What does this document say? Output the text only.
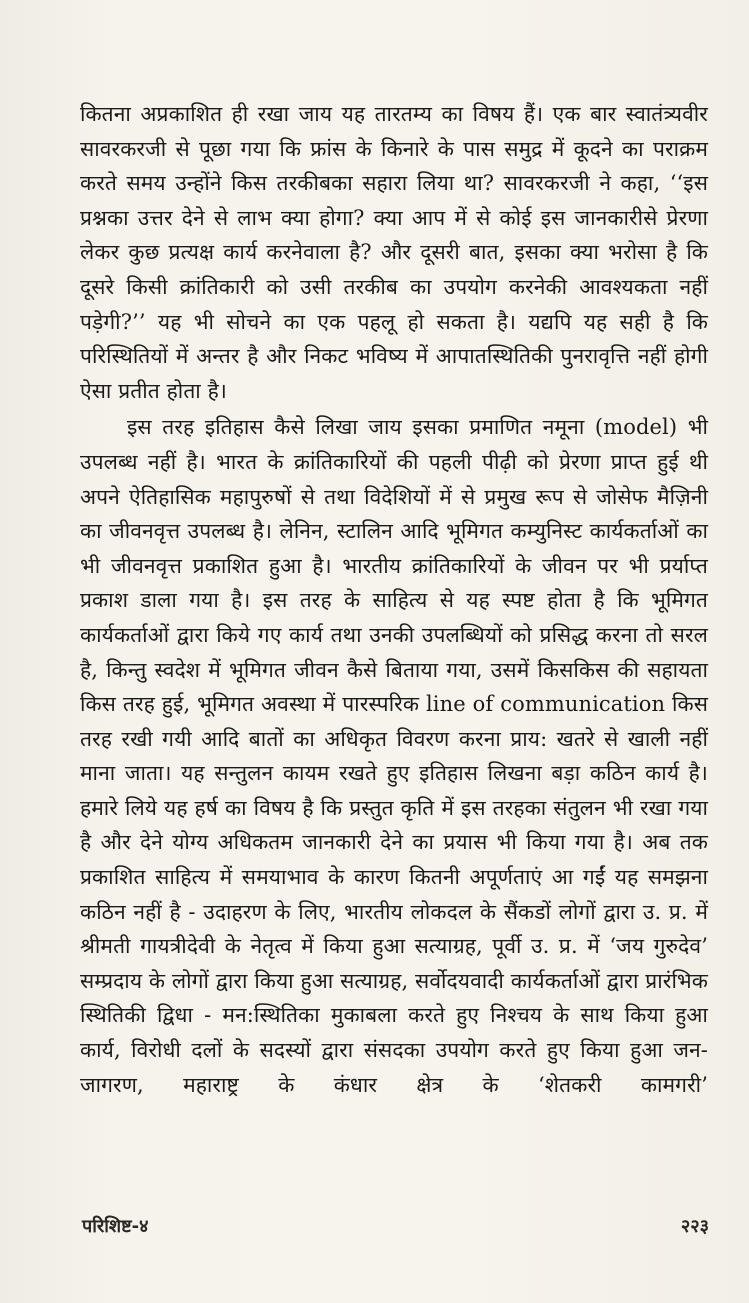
कितना अप्रकाशित ही रखा जाय यह तारतम्य का विषय हैं। एक बार स्वातंत्र्यवीर सावरकरजी से पूछा गया कि फ्रांस के किनारे के पास समुद्र में कूदने का पराक्रम करते समय उन्होंने किस तरकीबका सहारा लिया था? सावरकरजी ने कहा, ‘‘इस प्रश्नका उत्तर देने से लाभ क्या होगा? क्या आप में से कोई इस जानकारीसे प्रेरणा लेकर कुछ प्रत्यक्ष कार्य करनेवाला है? और दूसरी बात, इसका क्या भरोसा है कि दूसरे किसी क्रांतिकारी को उसी तरकीब का उपयोग करनेकी आवश्यकता नहीं पड़ेगी?’’ यह भी सोचने का एक पहलू हो सकता है। यद्यपि यह सही है कि परिस्थितियों में अन्तर है और निकट भविष्य में आपातस्थितिकी पुनरावृत्ति नहीं होगी ऐसा प्रतीत होता है।

इस तरह इतिहास कैसे लिखा जाय इसका प्रमाणित नमूना (model) भी उपलब्ध नहीं है। भारत के क्रांतिकारियों की पहली पीढ़ी को प्रेरणा प्राप्त हुई थी अपने ऐतिहासिक महापुरुषों से तथा विदेशियों में से प्रमुख रूप से जोसेफ मैज़िनी का जीवनवृत्त उपलब्ध है। लेनिन, स्टालिन आदि भूमिगत कम्युनिस्ट कार्यकर्ताओं का भी जीवनवृत्त प्रकाशित हुआ है। भारतीय क्रांतिकारियों के जीवन पर भी प्रर्याप्त प्रकाश डाला गया है। इस तरह के साहित्य से यह स्पष्ट होता है कि भूमिगत कार्यकर्ताओं द्वारा किये गए कार्य तथा उनकी उपलब्धियों को प्रसिद्ध करना तो सरल है, किन्तु स्वदेश में भूमिगत जीवन कैसे बिताया गया, उसमें किसकिस की सहायता किस तरह हुई, भूमिगत अवस्था में पारस्परिक line of communication किस तरह रखी गयी आदि बातों का अधिकृत विवरण करना प्राय: खतरे से खाली नहीं माना जाता। यह सन्तुलन कायम रखते हुए इतिहास लिखना बड़ा कठिन कार्य है। हमारे लिये यह हर्ष का विषय है कि प्रस्तुत कृति में इस तरहका संतुलन भी रखा गया है और देने योग्य अधिकतम जानकारी देने का प्रयास भी किया गया है। अब तक प्रकाशित साहित्य में समयाभाव के कारण कितनी अपूर्णताएं आ गईं यह समझना कठिन नहीं है - उदाहरण के लिए, भारतीय लोकदल के सैंकडों लोगों द्वारा उ. प्र. में श्रीमती गायत्रीदेवी के नेतृत्व में किया हुआ सत्याग्रह, पूर्वी उ. प्र. में ‘जय गुरुदेव’ सम्प्रदाय के लोगों द्वारा किया हुआ सत्याग्रह, सर्वोदयवादी कार्यकर्ताओं द्वारा प्रारंभिक स्थितिकी द्विधा - मन:स्थितिका मुकाबला करते हुए निश्चय के साथ किया हुआ कार्य, विरोधी दलों के सदस्यों द्वारा संसदका उपयोग करते हुए किया हुआ जन-जागरण, महाराष्ट्र के कंधार क्षेत्र के ‘शेतकरी कामगरी’

परिशिष्ट-४	२२३
